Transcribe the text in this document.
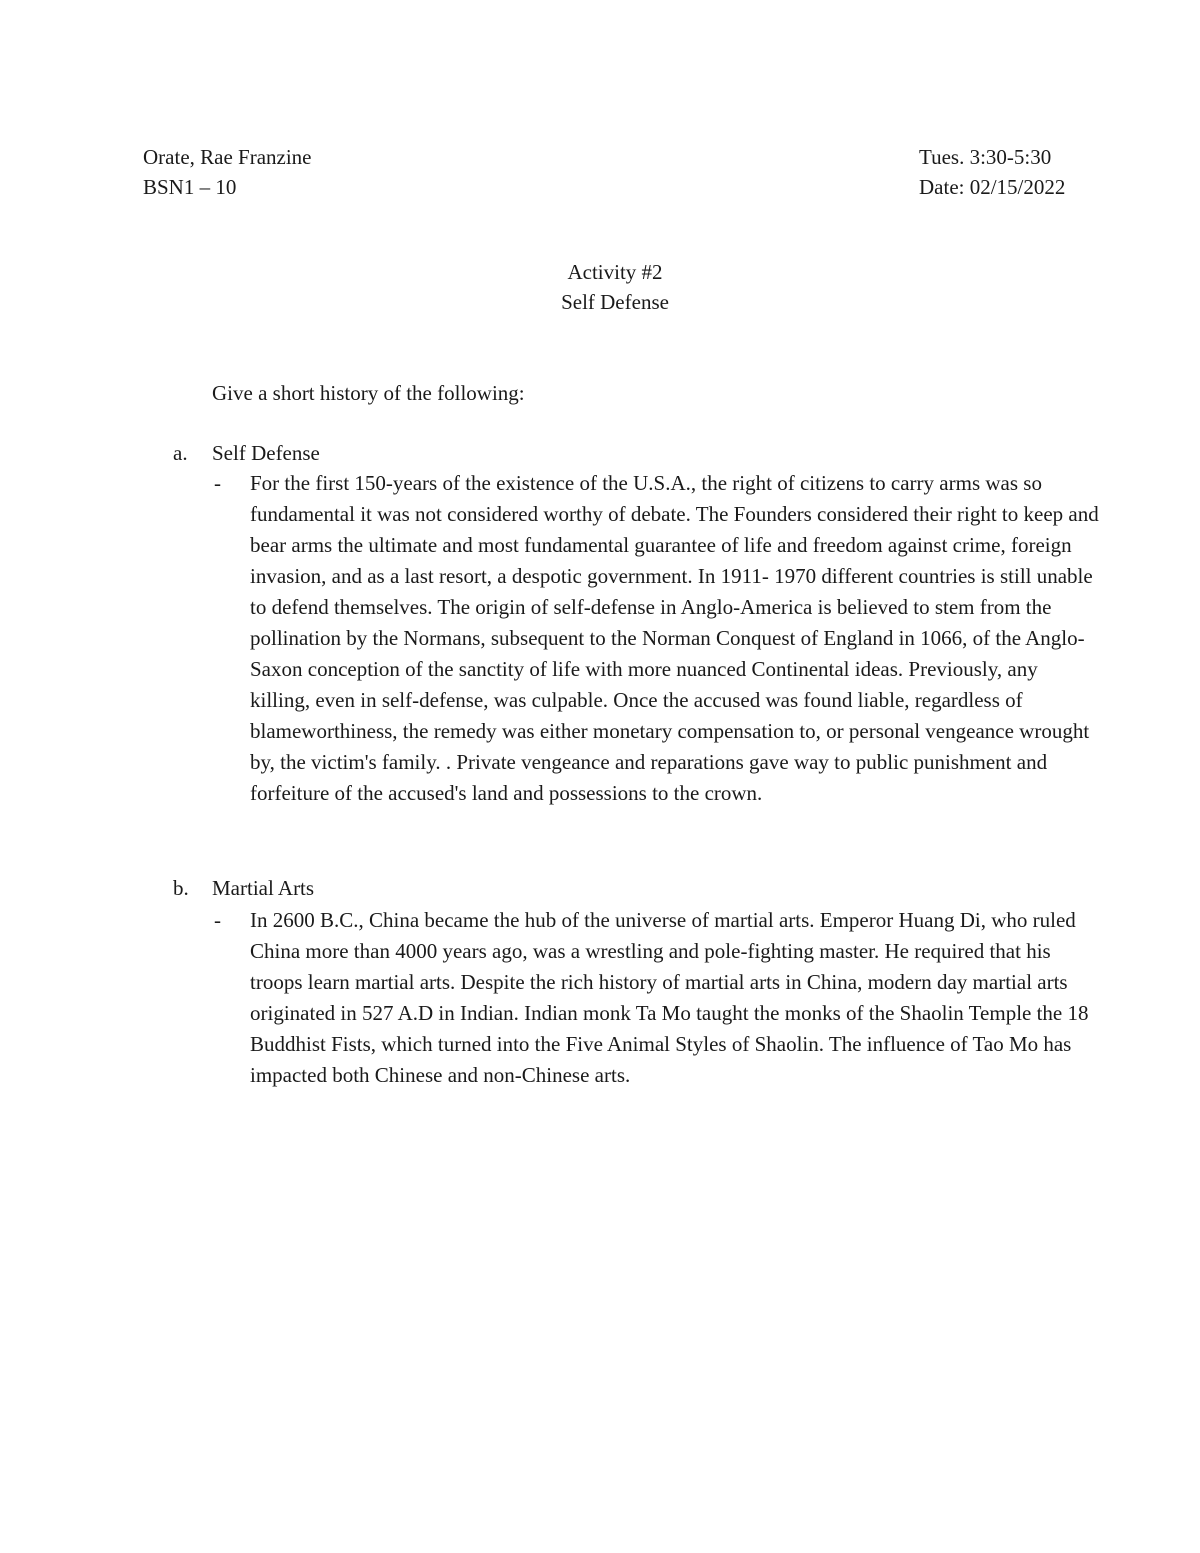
Orate, Rae Franzine
BSN1 – 10
Tues. 3:30-5:30
Date: 02/15/2022
Activity #2
Self Defense
Give a short history of the following:
a. Self Defense
- For the first 150-years of the existence of the U.S.A., the right of citizens to carry arms was so fundamental it was not considered worthy of debate. The Founders considered their right to keep and bear arms the ultimate and most fundamental guarantee of life and freedom against crime, foreign invasion, and as a last resort, a despotic government. In 1911- 1970 different countries is still unable to defend themselves. The origin of self-defense in Anglo-America is believed to stem from the pollination by the Normans, subsequent to the Norman Conquest of England in 1066, of the Anglo-Saxon conception of the sanctity of life with more nuanced Continental ideas. Previously, any killing, even in self-defense, was culpable. Once the accused was found liable, regardless of blameworthiness, the remedy was either monetary compensation to, or personal vengeance wrought by, the victim's family. . Private vengeance and reparations gave way to public punishment and forfeiture of the accused's land and possessions to the crown.
b. Martial Arts
- In 2600 B.C., China became the hub of the universe of martial arts. Emperor Huang Di, who ruled China more than 4000 years ago, was a wrestling and pole-fighting master. He required that his troops learn martial arts. Despite the rich history of martial arts in China, modern day martial arts originated in 527 A.D in Indian. Indian monk Ta Mo taught the monks of the Shaolin Temple the 18 Buddhist Fists, which turned into the Five Animal Styles of Shaolin. The influence of Tao Mo has impacted both Chinese and non-Chinese arts.
